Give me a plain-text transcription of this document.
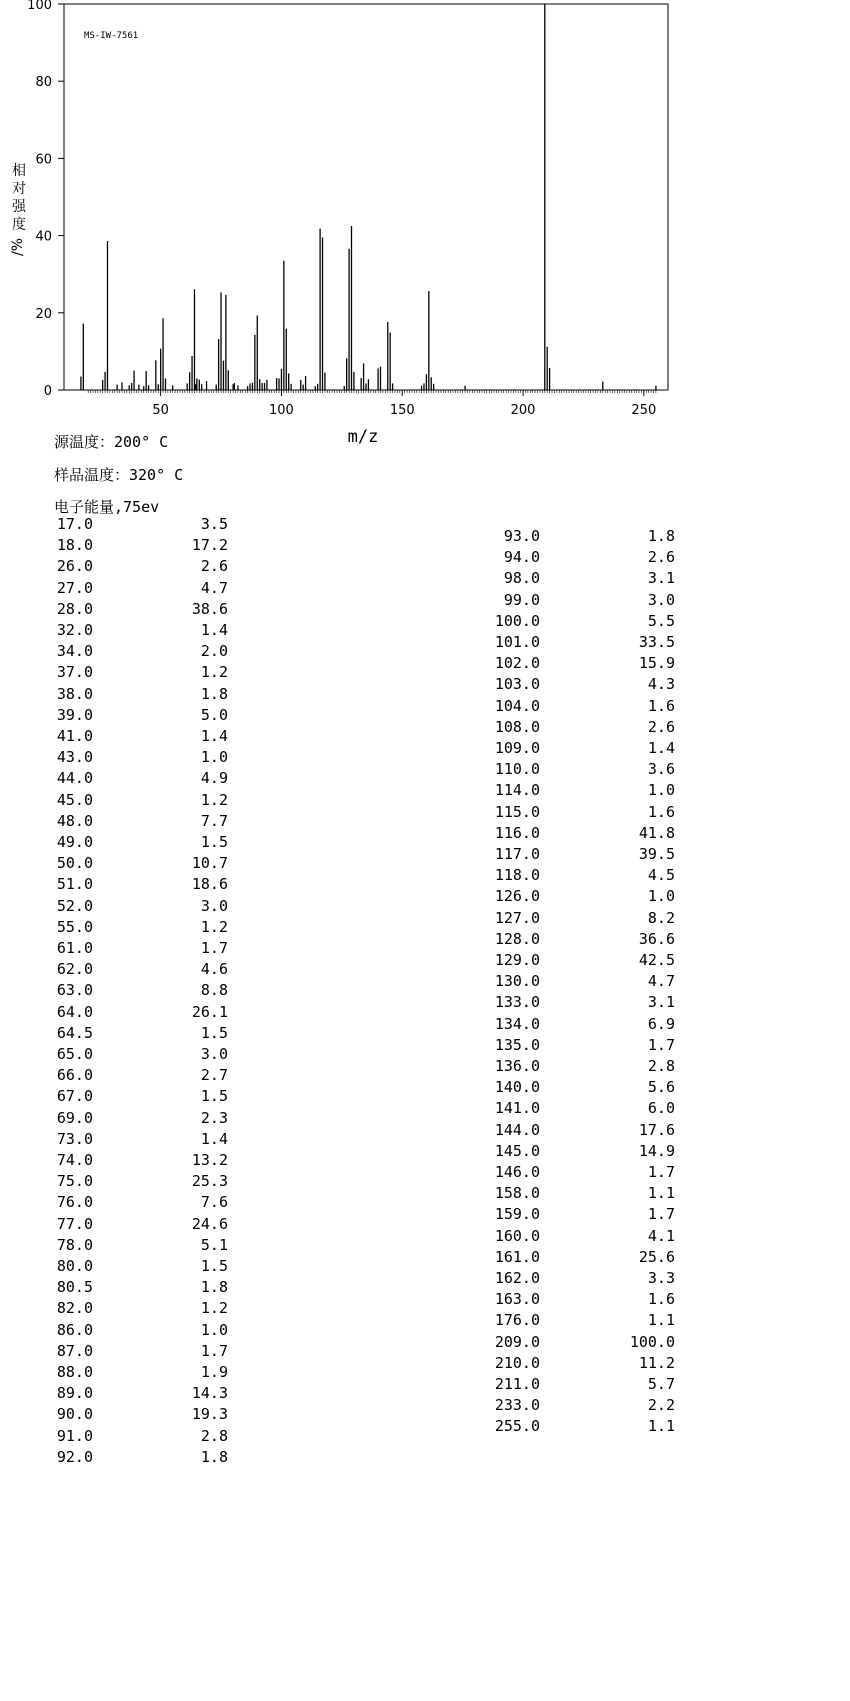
0
20
40
60
80
100
50	100	150	200	250
MS-IW-7561
m/z
相对强度
/%
源温度：200° C
样品温度：320° C
电子能量,75ev
17.0	3.5
18.0	17.2
26.0	2.6
27.0	4.7
28.0	38.6
32.0	1.4
34.0	2.0
37.0	1.2
38.0	1.8
39.0	5.0
41.0	1.4
43.0	1.0
44.0	4.9
45.0	1.2
48.0	7.7
49.0	1.5
50.0	10.7
51.0	18.6
52.0	3.0
55.0	1.2
61.0	1.7
62.0	4.6
63.0	8.8
64.0	26.1
64.5	1.5
65.0	3.0
66.0	2.7
67.0	1.5
69.0	2.3
73.0	1.4
74.0	13.2
75.0	25.3
76.0	7.6
77.0	24.6
78.0	5.1
80.0	1.5
80.5	1.8
82.0	1.2
86.0	1.0
87.0	1.7
88.0	1.9
89.0	14.3
90.0	19.3
91.0	2.8
92.0	1.8
93.0	1.8
94.0	2.6
98.0	3.1
99.0	3.0
100.0	5.5
101.0	33.5
102.0	15.9
103.0	4.3
104.0	1.6
108.0	2.6
109.0	1.4
110.0	3.6
114.0	1.0
115.0	1.6
116.0	41.8
117.0	39.5
118.0	4.5
126.0	1.0
127.0	8.2
128.0	36.6
129.0	42.5
130.0	4.7
133.0	3.1
134.0	6.9
135.0	1.7
136.0	2.8
140.0	5.6
141.0	6.0
144.0	17.6
145.0	14.9
146.0	1.7
158.0	1.1
159.0	1.7
160.0	4.1
161.0	25.6
162.0	3.3
163.0	1.6
176.0	1.1
209.0	100.0
210.0	11.2
211.0	5.7
233.0	2.2
255.0	1.1
